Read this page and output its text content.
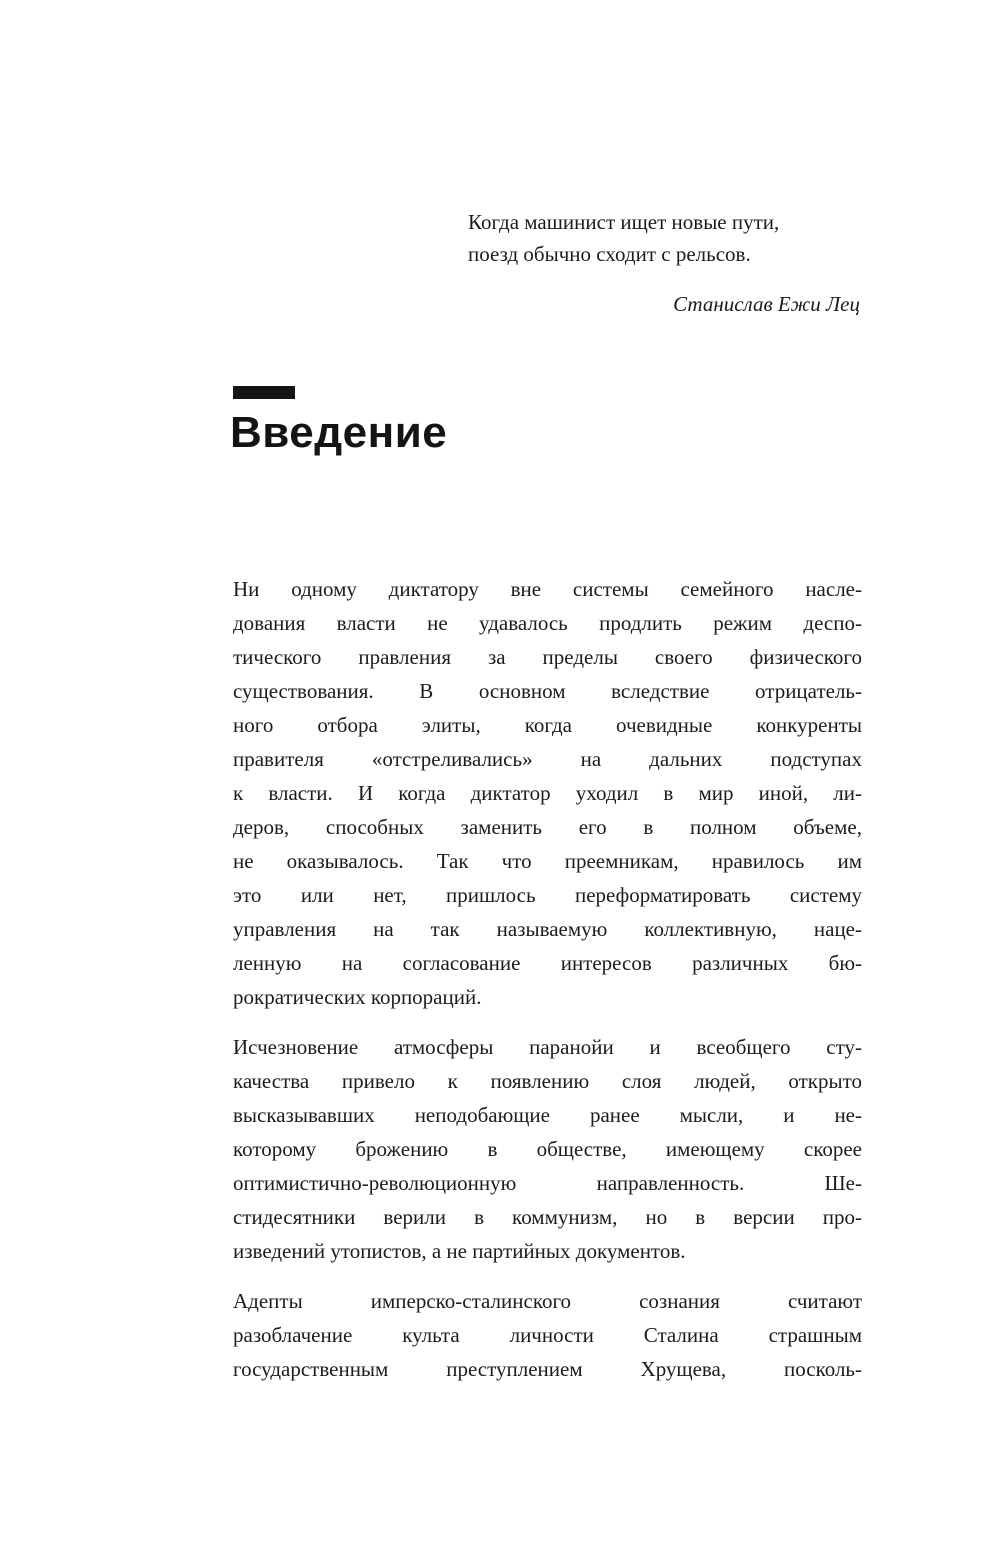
Когда машинист ищет новые пути,
поезд обычно сходит с рельсов.
Станислав Ежи Лец
Введение
Ни одному диктатору вне системы семейного насле-
дования власти не удавалось продлить режим деспо-
тического правления за пределы своего физического
существования. В основном вследствие отрицатель-
ного отбора элиты, когда очевидные конкуренты
правителя «отстреливались» на дальних подступах
к власти. И когда диктатор уходил в мир иной, ли-
деров, способных заменить его в полном объеме,
не оказывалось. Так что преемникам, нравилось им
это или нет, пришлось переформатировать систему
управления на так называемую коллективную, наце-
ленную на согласование интересов различных бю-
рократических корпораций.
Исчезновение атмосферы паранойи и всеобщего сту-
качества привело к появлению слоя людей, открыто
высказывавших неподобающие ранее мысли, и не-
которому брожению в обществе, имеющему скорее
оптимистично-революционную направленность. Ше-
стидесятники верили в коммунизм, но в версии про-
изведений утопистов, а не партийных документов.
Адепты имперско-сталинского сознания считают
разоблачение культа личности Сталина страшным
государственным преступлением Хрущева, посколь-
